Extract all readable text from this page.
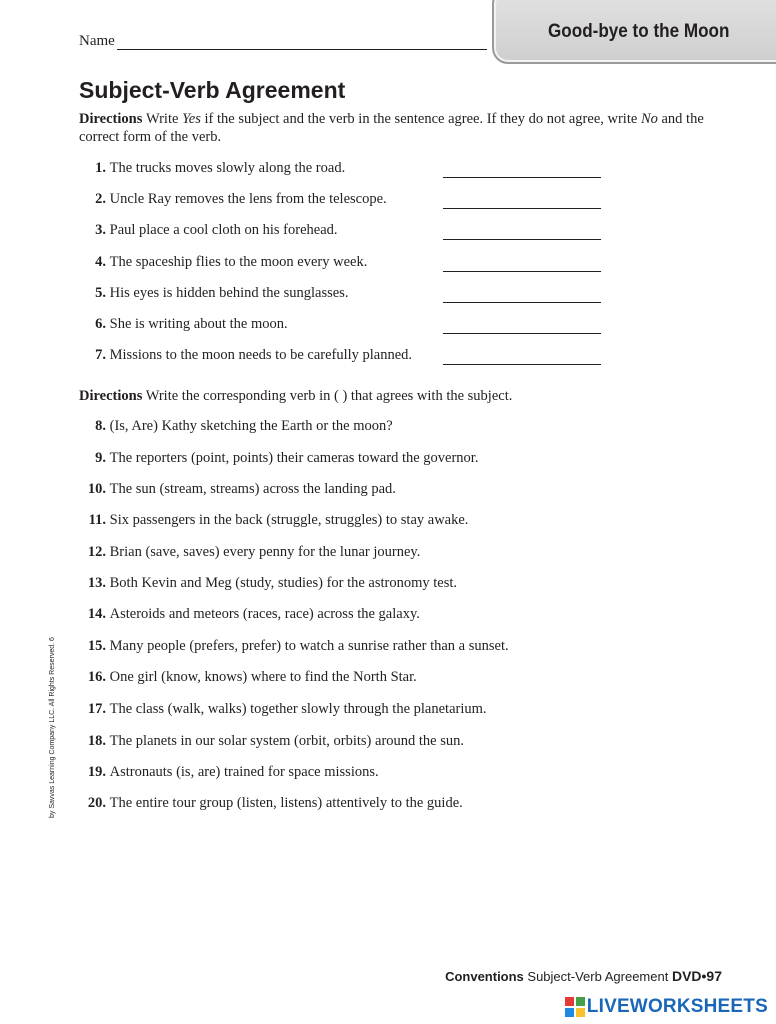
Name	Good-bye to the Moon
Subject-Verb Agreement
Directions Write Yes if the subject and the verb in the sentence agree. If they do not agree, write No and the correct form of the verb.
1.
The trucks moves slowly along the road.
2.
Uncle Ray removes the lens from the telescope.
3.
Paul place a cool cloth on his forehead.
4.
The spaceship flies to the moon every week.
5.
His eyes is hidden behind the sunglasses.
6.
She is writing about the moon.
7.
Missions to the moon needs to be carefully planned.
Directions Write the corresponding verb in ( ) that agrees with the subject.
8.
(Is, Are) Kathy sketching the Earth or the moon?
9.
The reporters (point, points) their cameras toward the governor.
10.
The sun (stream, streams) across the landing pad.
11.
Six passengers in the back (struggle, struggles) to stay awake.
12.
Brian (save, saves) every penny for the lunar journey.
13.
Both Kevin and Meg (study, studies) for the astronomy test.
14.
Asteroids and meteors (races, race) across the galaxy.
15.
Many people (prefers, prefer) to watch a sunrise rather than a sunset.
16.
One girl (know, knows) where to find the North Star.
17.
The class (walk, walks) together slowly through the planetarium.
18.
The planets in our solar system (orbit, orbits) around the sun.
19.
Astronauts (is, are) trained for space missions.
20.
The entire tour group (listen, listens) attentively to the guide.
by Savvas Learning Company LLC. All Rights Reserved. 6
Conventions Subject-Verb Agreement DVD•97
LIVEWORKSHEETS
